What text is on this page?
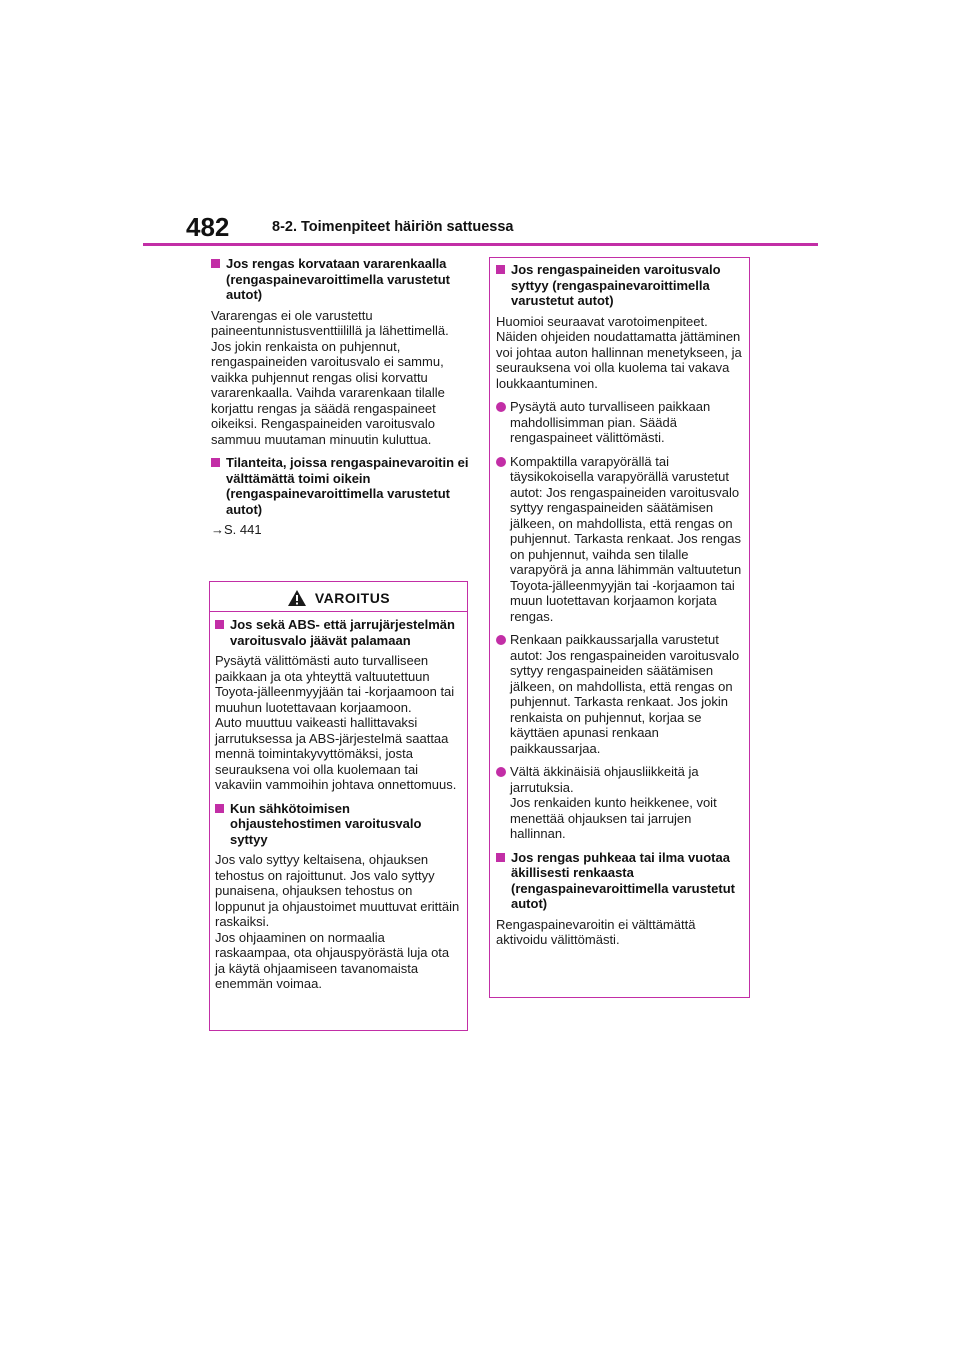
482	8-2. Toimenpiteet häiriön sattuessa
Jos rengas korvataan vararenkaalla (rengaspainevaroittimella varustetut autot)

Vararengas ei ole varustettu paineentunnistusventtiilillä ja lähettimellä.
Jos jokin renkaista on puhjennut, rengaspaineiden varoitusvalo ei sammu, vaikka puhjennut rengas olisi korvattu vararenkaalla. Vaihda vararenkaan tilalle korjattu rengas ja säädä rengaspaineet oikeiksi. Rengaspaineiden varoitusvalo sammuu muutaman minuutin kuluttua.

Tilanteita, joissa rengaspainevaroitin ei välttämättä toimi oikein (rengaspainevaroittimella varustetut autot)

→S. 441

VAROITUS
Jos sekä ABS- että jarrujärjestelmän varoitusvalo jäävät palamaan

Pysäytä välittömästi auto turvalliseen paikkaan ja ota yhteyttä valtuutettuun Toyota-jälleenmyyjään tai -korjaamoon tai muuhun luotettavaan korjaamoon.
Auto muuttuu vaikeasti hallittavaksi jarrutuksessa ja ABS-järjestelmä saattaa mennä toimintakyvyttömäksi, josta seurauksena voi olla kuolemaan tai vakaviin vammoihin johtava onnettomuus.

Kun sähkötoimisen ohjaustehostimen varoitusvalo syttyy

Jos valo syttyy keltaisena, ohjauksen tehostus on rajoittunut. Jos valo syttyy punaisena, ohjauksen tehostus on loppunut ja ohjaustoimet muuttuvat erittäin raskaiksi.
Jos ohjaaminen on normaalia raskaampaa, ota ohjauspyörästä luja ota ja käytä ohjaamiseen tavanomaista enemmän voimaa.

Jos rengaspaineiden varoitusvalo syttyy (rengaspainevaroittimella varustetut autot)

Huomioi seuraavat varotoimenpiteet. Näiden ohjeiden noudattamatta jättäminen voi johtaa auton hallinnan menetykseen, ja seurauksena voi olla kuolema tai vakava loukkaantuminen.

Pysäytä auto turvalliseen paikkaan mahdollisimman pian. Säädä rengaspaineet välittömästi.
Kompaktilla varapyörällä tai täysikokoisella varapyörällä varustetut autot: Jos rengaspaineiden varoitusvalo syttyy rengaspaineiden säätämisen jälkeen, on mahdollista, että rengas on puhjennut. Tarkasta renkaat. Jos rengas on puhjennut, vaihda sen tilalle varapyörä ja anna lähimmän valtuutetun Toyota-jälleenmyyjän tai -korjaamon tai muun luotettavan korjaamon korjata rengas.
Renkaan paikkaussarjalla varustetut autot: Jos rengaspaineiden varoitusvalo syttyy rengaspaineiden säätämisen jälkeen, on mahdollista, että rengas on puhjennut. Tarkasta renkaat. Jos jokin renkaista on puhjennut, korjaa se käyttäen apunasi renkaan paikkaussarjaa.
Vältä äkkinäisiä ohjausliikkeitä ja jarrutuksia.
Jos renkaiden kunto heikkenee, voit menettää ohjauksen tai jarrujen hallinnan.
Jos rengas puhkeaa tai ilma vuotaa äkillisesti renkaasta (rengaspainevaroittimella varustetut autot)

Rengaspainevaroitin ei välttämättä aktivoidu välittömästi.
